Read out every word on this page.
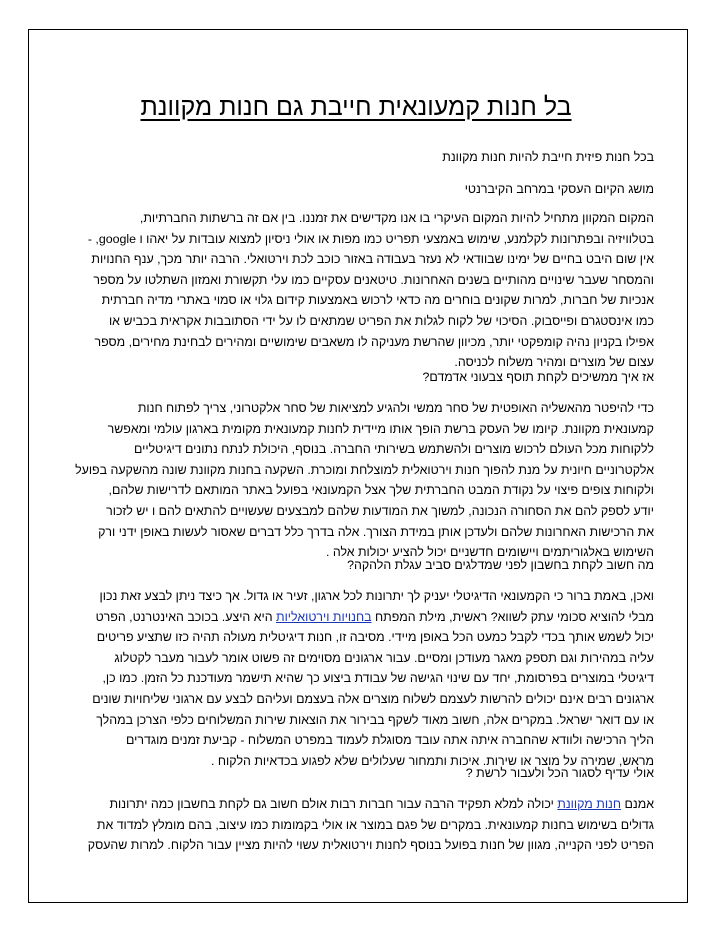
בל חנות קמעונאית חייבת גם חנות מקוונת
בכל חנות פיזית חייבת להיות חנות מקוונת
מושג הקיום העסקי במרחב הקיברנטי
המקום המקוון מתחיל להיות המקום העיקרי בו אנו מקדישים את זמננו. בין אם זה ברשתות החברתיות,
בטלוויזיה ובפתרונות לקלמנע, שימוש באמצעי תפריט כמו מפות או אולי ניסיון למצוא עובדות על יאהו ו google, -
אין שום היבט בחיים של ימינו שבוודאי לא נעזר בעבודה באזור כוכב לכת וירטואלי. הרבה יותר מכך, ענף החנויות
והמסחר שעבר שינויים מהותיים בשנים האחרונות. טיטאנים עסקיים כמו עלי תקשורת ואמזון השתלטו על מספר
אנכיות של חברות, למרות שקונים בוחרים מה כדאי לרכוש באמצעות קידום גלוי או סמוי באתרי מדיה חברתית
כמו אינסטגרם ופייסבוק. הסיכוי של לקוח לגלות את הפריט שמתאים לו על ידי הסתובבות אקראית בכביש או
אפילו בקניון נהיה קומפקטי יותר, מכיוון שהרשת מעניקה לו משאבים שימושיים ומהירים לבחינת מחירים, מספר
עצום של מוצרים ומהיר משלוח לכניסה.
אז איך ממשיכים לקחת תוסף צבעוני אדמדם?
כדי להיפטר מהאשליה האופטית של סחר ממשי ולהגיע למציאות של סחר אלקטרוני, צריך לפתוח חנות
קמעונאית מקוונת. קיומו של העסק ברשת הופך אותו מיידית לחנות קמעונאית מקומית בארגון עולמי ומאפשר
ללקוחות מכל העולם לרכוש מוצרים ולהשתמש בשירותי החברה. בנוסף, היכולת לנתח נתונים דיגיטליים
אלקטרוניים חיונית על מנת להפוך חנות וירטואלית למוצלחת ומוכרת. השקעה בחנות מקוונת שונה מהשקעה בפועל
ולקוחות צופים פיצוי על נקודת המבט החברתית שלך אצל הקמעונאי בפועל באתר המותאם לדרישות שלהם,
יודע לספק להם את הסחורה הנכונה, למשוך את המודעות שלהם למבצעים שעשויים להתאים להם ו יש לזכור
את הרכישות האחרונות שלהם ולעדכן אותן במידת הצורך. אלה בדרך כלל דברים שאסור לעשות באופן ידני ורק
השימוש באלגוריתמים ויישומים חדשניים יכול להציע יכולות אלה .
מה חשוב לקחת בחשבון לפני שמדלגים סביב עגלת הלהקה?
ואכן, באמת ברור כי הקמעונאי הדיגיטלי יעניק לך יתרונות לכל ארגון, זעיר או גדול. אך כיצד ניתן לבצע זאת נכון
מבלי להוציא סכומי עתק לשווא? ראשית, מילת המפתח בחנויות וירטואליות היא היצע. בכוכב האינטרנט, הפרט
יכול לשמש אותך בכדי לקבל כמעט הכל באופן מיידי. מסיבה זו, חנות דיגיטלית מעולה תהיה כזו שתציע פריטים
עליה במהירות וגם תספק מאגר מעודכן ומסיים. עבור ארגונים מסוימים זה פשוט אומר לעבור מעבר לקטלוג
דיגיטלי במוצרים בפרסומת, יחד עם שינוי הגישה של עבודת ביצוע כך שהיא תישמר מעודכנת כל הזמן. כמו כן,
ארגונים רבים אינם יכולים להרשות לעצמם לשלוח מוצרים אלה בעצמם ועליהם לבצע עם ארגוני שליחויות שונים
או עם דואר ישראל. במקרים אלה, חשוב מאוד לשקף בבירור את הוצאות שירות המשלוחים כלפי הצרכן במהלך
הליך הרכישה ולוודא שהחברה איתה אתה עובד מסוגלת לעמוד במפרט המשלוח - קביעת זמנים מוגדרים
מראש, שמירה על מוצר או שירות. איכות ותמחור שעלולים שלא לפגוע בכדאיות הלקוח .
אולי עדיף לסגור הכל ולעבור לרשת ?
אמנם חנות מקוונת יכולה למלא תפקיד הרבה עבור חברות רבות אולם חשוב גם לקחת בחשבון כמה יתרונות
גדולים בשימוש בחנות קמעונאית. במקרים של פגם במוצר או אולי בקמומות כמו עיצוב, בהם מומלץ למדוד את
הפריט לפני הקנייה, מגוון של חנות בפועל בנוסף לחנות וירטואלית עשוי להיות מציין עבור הלקוח. למרות שהעסק
